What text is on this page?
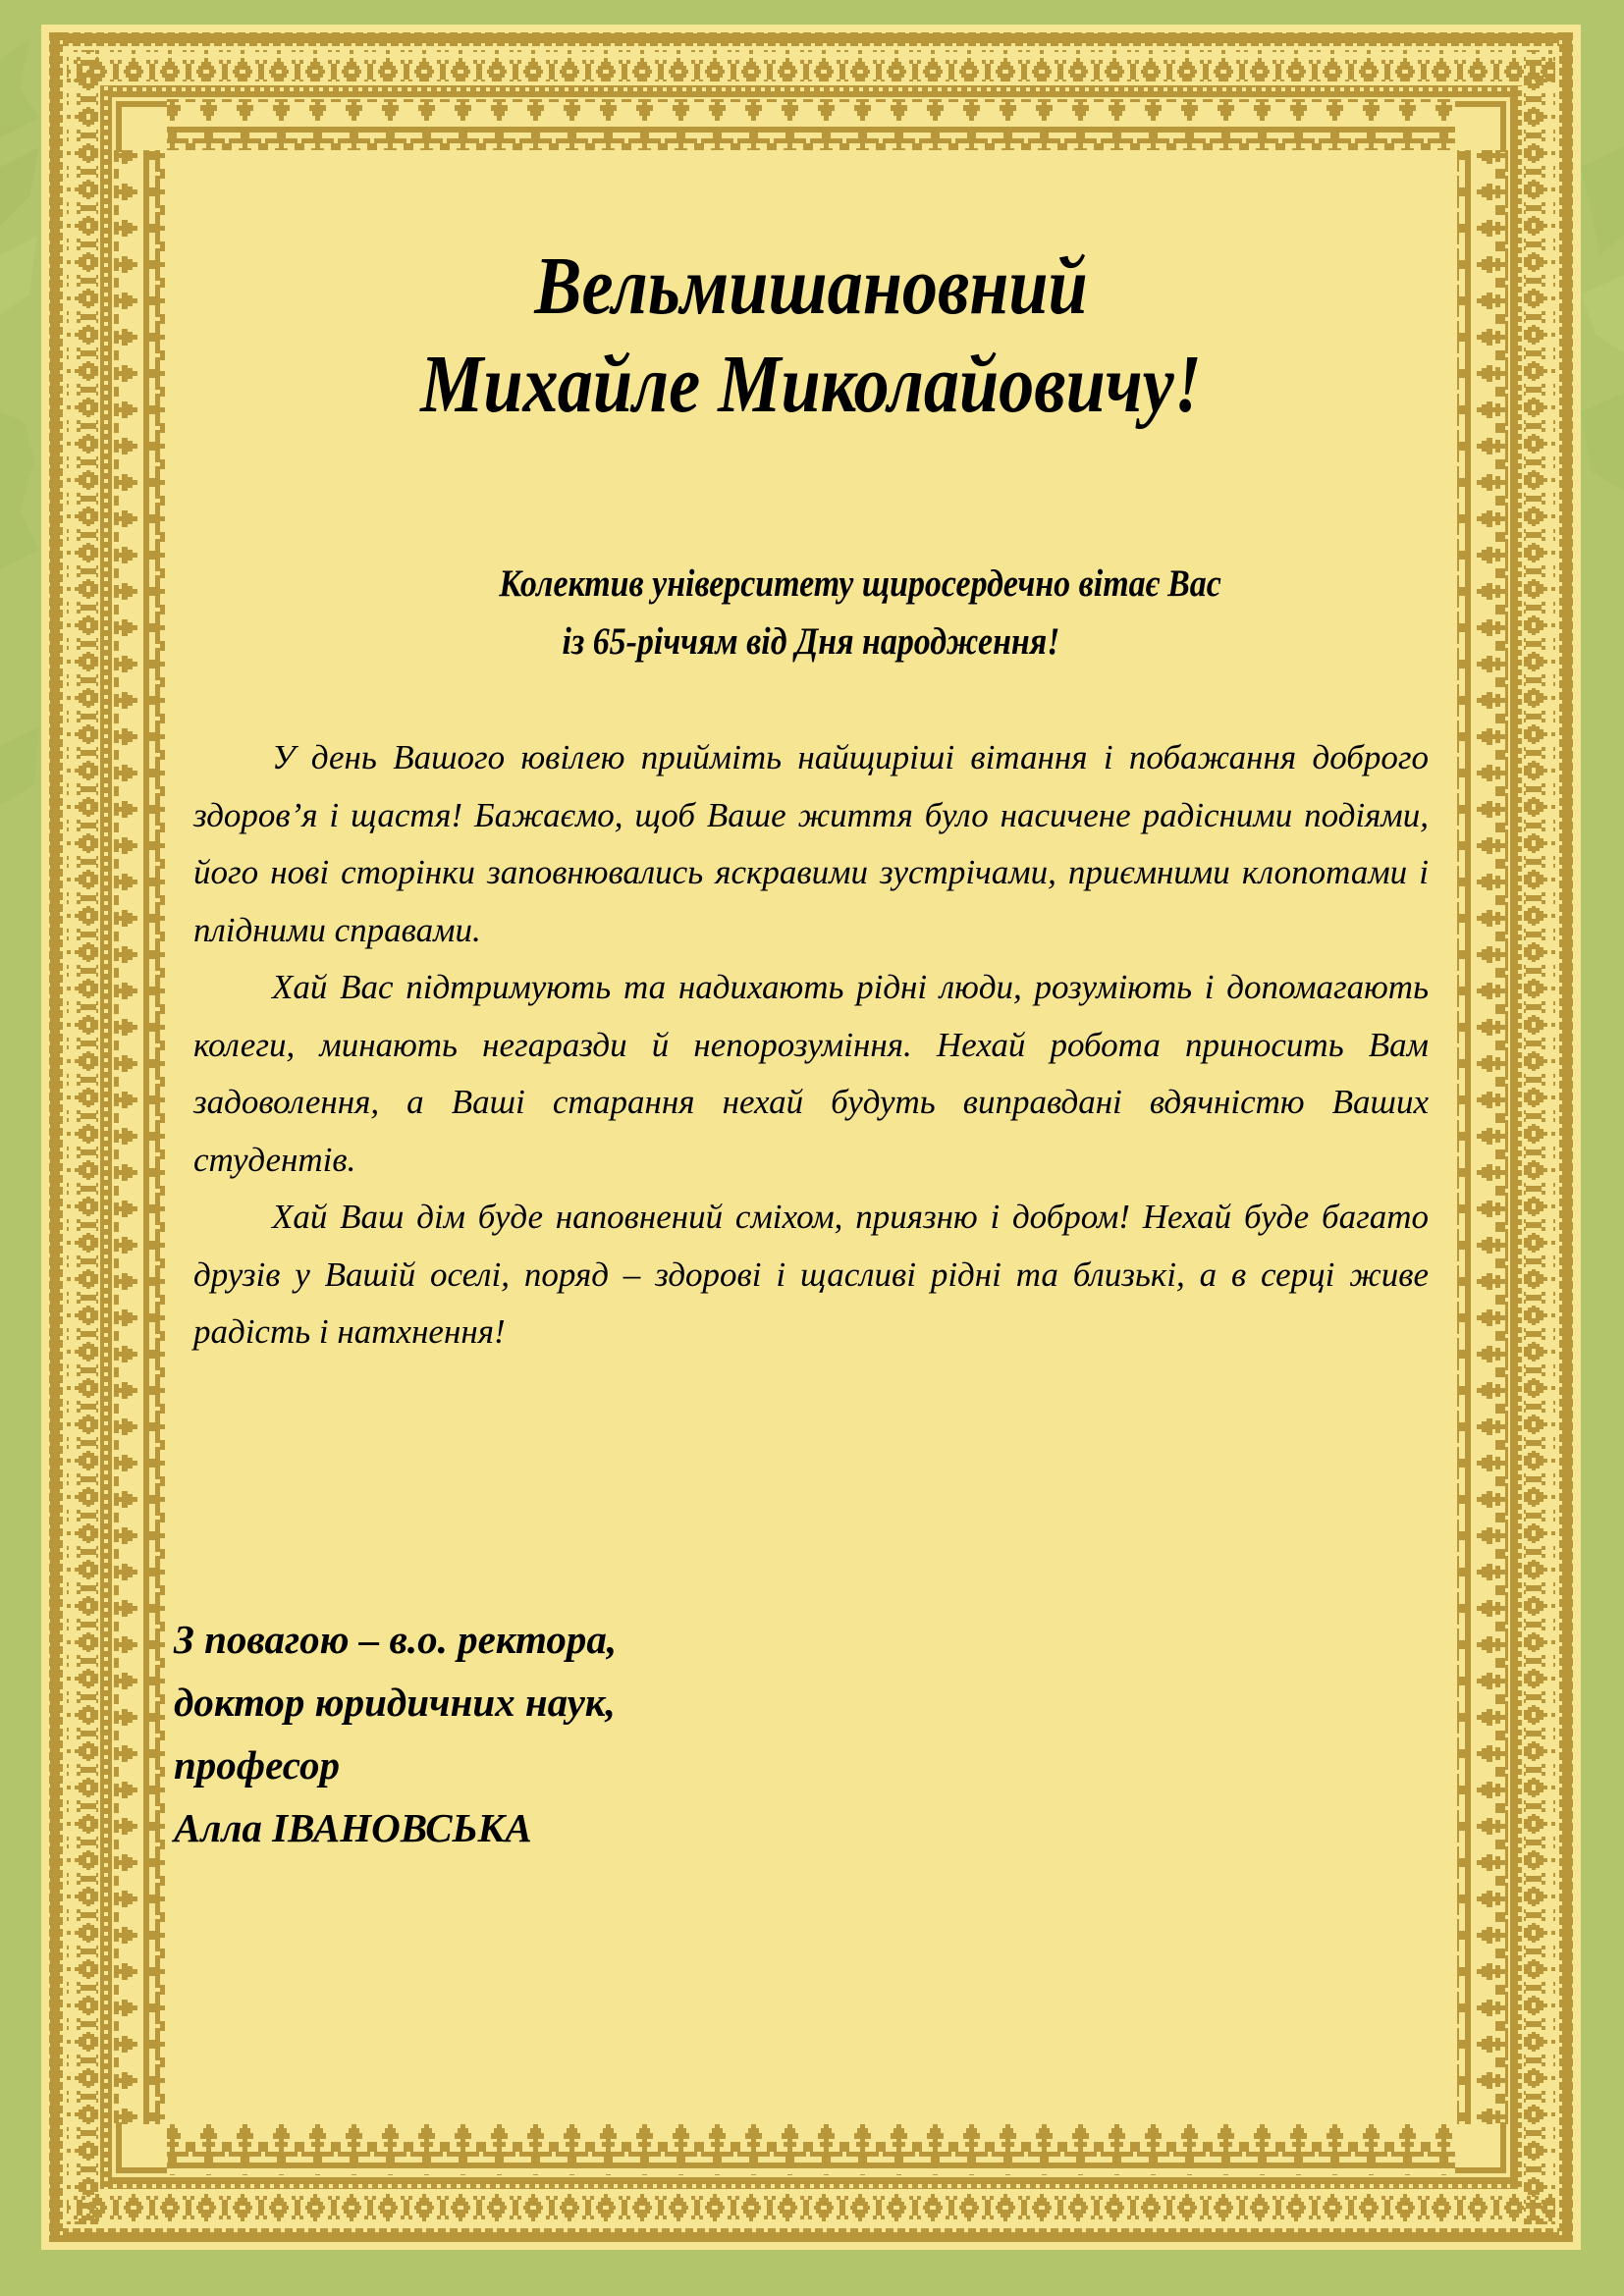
Вельмишановний
Михайле Миколайовичу!
Колектив університету щиросердечно вітає Вас
із 65-річчям від Дня народження!

У день Вашого ювілею прийміть найщиріші вітання і побажання доброго здоров’я і щастя! Бажаємо, щоб Ваше життя було насичене радісними подіями, його нові сторінки заповнювались яскравими зустрічами, приємними клопотами і плідними справами.

Хай Вас підтримують та надихають рідні люди, розуміють і допомагають колеги, минають негаразди й непорозуміння. Нехай робота приносить Вам задоволення, а Ваші старання нехай будуть виправдані вдячністю Ваших студентів.

Хай Ваш дім буде наповнений сміхом, приязню і добром! Нехай буде багато друзів у Вашій оселі, поряд – здорові і щасливі рідні та близькі, а в серці живе радість і натхнення!

З повагою – в.о. ректора,
доктор юридичних наук,
професор
Алла ІВАНОВСЬКА
